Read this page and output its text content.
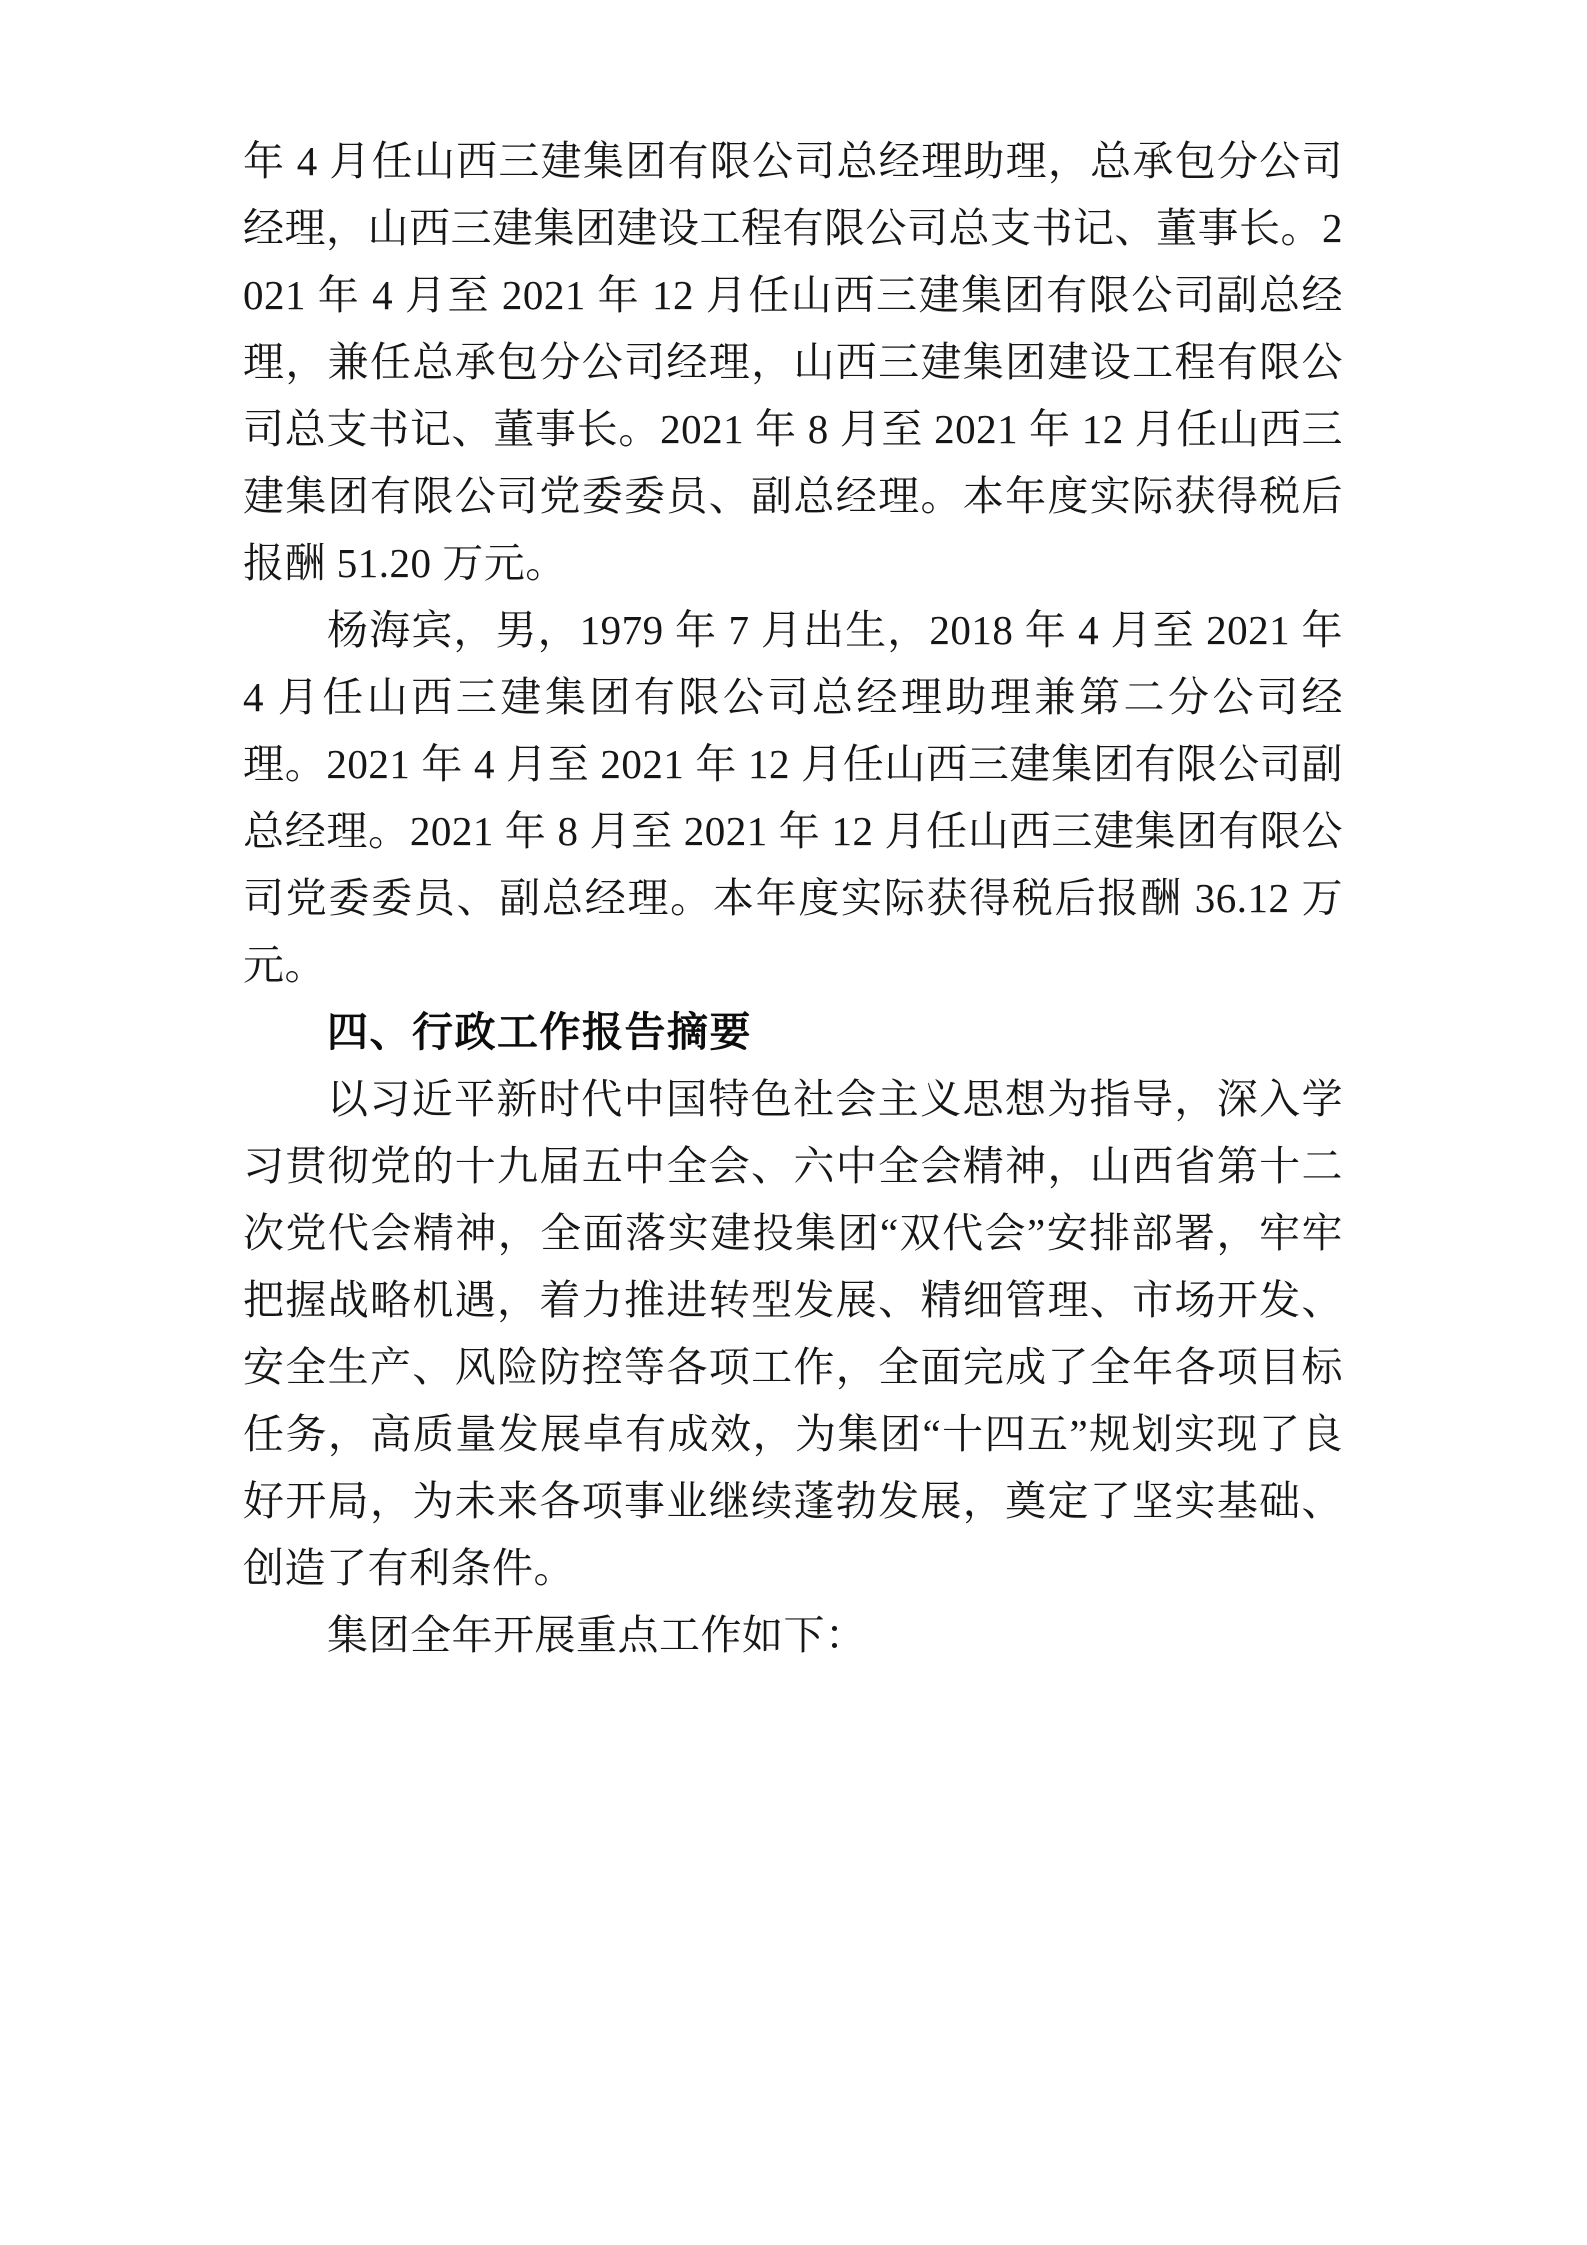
年 4 月任山西三建集团有限公司总经理助理，总承包分公司经理，山西三建集团建设工程有限公司总支书记、董事长。2021 年 4 月至 2021 年 12 月任山西三建集团有限公司副总经理，兼任总承包分公司经理，山西三建集团建设工程有限公司总支书记、董事长。2021 年 8 月至 2021 年 12 月任山西三建集团有限公司党委委员、副总经理。本年度实际获得税后报酬 51.20 万元。

杨海宾，男，1979 年 7 月出生，2018 年 4 月至 2021 年 4 月任山西三建集团有限公司总经理助理兼第二分公司经理。2021 年 4 月至 2021 年 12 月任山西三建集团有限公司副总经理。2021 年 8 月至 2021 年 12 月任山西三建集团有限公司党委委员、副总经理。本年度实际获得税后报酬 36.12 万元。

四、行政工作报告摘要

以习近平新时代中国特色社会主义思想为指导，深入学习贯彻党的十九届五中全会、六中全会精神，山西省第十二次党代会精神，全面落实建投集团“双代会”安排部署，牢牢把握战略机遇，着力推进转型发展、精细管理、市场开发、安全生产、风险防控等各项工作，全面完成了全年各项目标任务，高质量发展卓有成效，为集团“十四五”规划实现了良好开局，为未来各项事业继续蓬勃发展，奠定了坚实基础、创造了有利条件。

集团全年开展重点工作如下：
